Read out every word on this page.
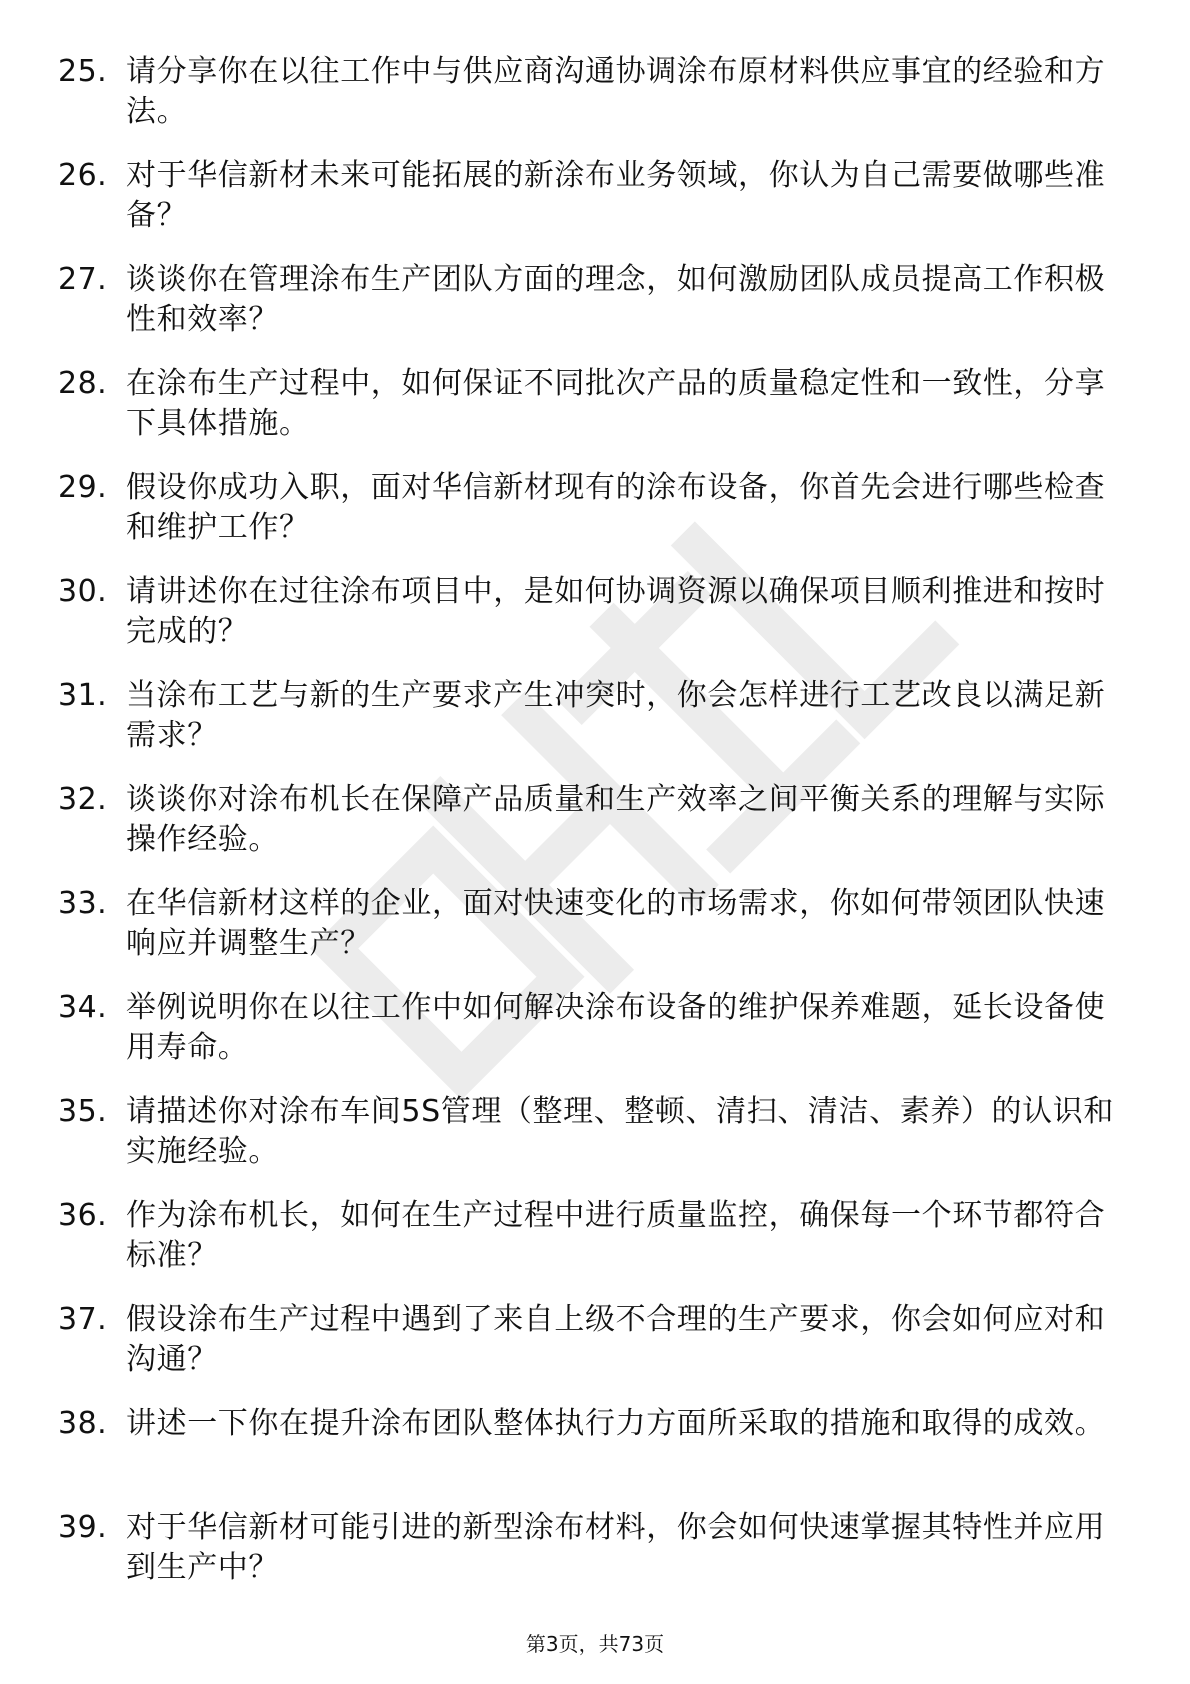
25. 请分享你在以往工作中与供应商沟通协调涂布原材料供应事宜的经验和方法。
26. 对于华信新材未来可能拓展的新涂布业务领域，你认为自己需要做哪些准备？
27. 谈谈你在管理涂布生产团队方面的理念，如何激励团队成员提高工作积极性和效率？
28. 在涂布生产过程中，如何保证不同批次产品的质量稳定性和一致性，分享下具体措施。
29. 假设你成功入职，面对华信新材现有的涂布设备，你首先会进行哪些检查和维护工作？
30. 请讲述你在过往涂布项目中，是如何协调资源以确保项目顺利推进和按时完成的？
31. 当涂布工艺与新的生产要求产生冲突时，你会怎样进行工艺改良以满足新需求？
32. 谈谈你对涂布机长在保障产品质量和生产效率之间平衡关系的理解与实际操作经验。
33. 在华信新材这样的企业，面对快速变化的市场需求，你如何带领团队快速响应并调整生产？
34. 举例说明你在以往工作中如何解决涂布设备的维护保养难题，延长设备使用寿命。
35. 请描述你对涂布车间5S管理（整理、整顿、清扫、清洁、素养）的认识和实施经验。
36. 作为涂布机长，如何在生产过程中进行质量监控，确保每一个环节都符合标准？
37. 假设涂布生产过程中遇到了来自上级不合理的生产要求，你会如何应对和沟通？
38. 讲述一下你在提升涂布团队整体执行力方面所采取的措施和取得的成效。
39. 对于华信新材可能引进的新型涂布材料，你会如何快速掌握其特性并应用到生产中？
第3页，共73页
